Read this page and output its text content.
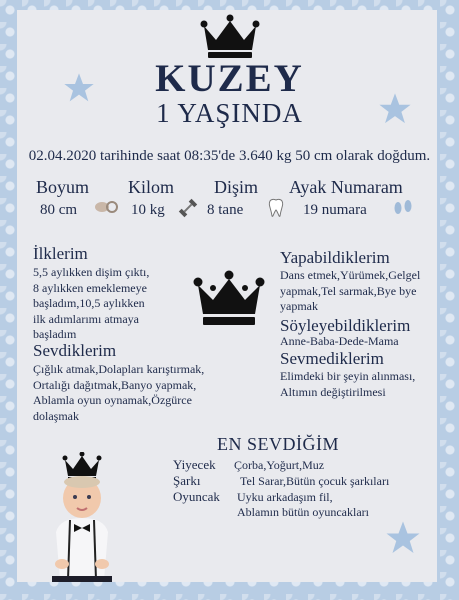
KUZEY
1 YAŞINDA
02.04.2020 tarihinde saat 08:35'de 3.640 kg 50 cm olarak doğdum.
Boyum
80 cm
Kilom
10 kg
Dişim
8 tane
Ayak Numaram
19 numara
İlklerim
5,5 aylıkken dişim çıktı,
8 aylıkken emeklemeye
başladım,10,5 aylıkken
ilk adımlarımı atmaya
başladım
Sevdiklerim
Çığlık atmak,Dolapları karıştırmak,
Ortalığı dağıtmak,Banyo yapmak,
Ablamla oyun oynamak,Özgürce
dolaşmak
Yapabildiklerim
Dans etmek,Yürümek,Gelgel
yapmak,Tel sarmak,Bye bye
yapmak
Söyleyebildiklerim
Anne-Baba-Dede-Mama
Sevmediklerim
Elimdeki bir şeyin alınması,
Altımın değiştirilmesi
EN SEVDİĞİM
Yiyecek Çorba,Yoğurt,Muz
Şarkı	Tel Sarar,Bütün çocuk şarkıları
Oyuncak Uyku arkadaşım fil,
Ablamın bütün oyuncakları
